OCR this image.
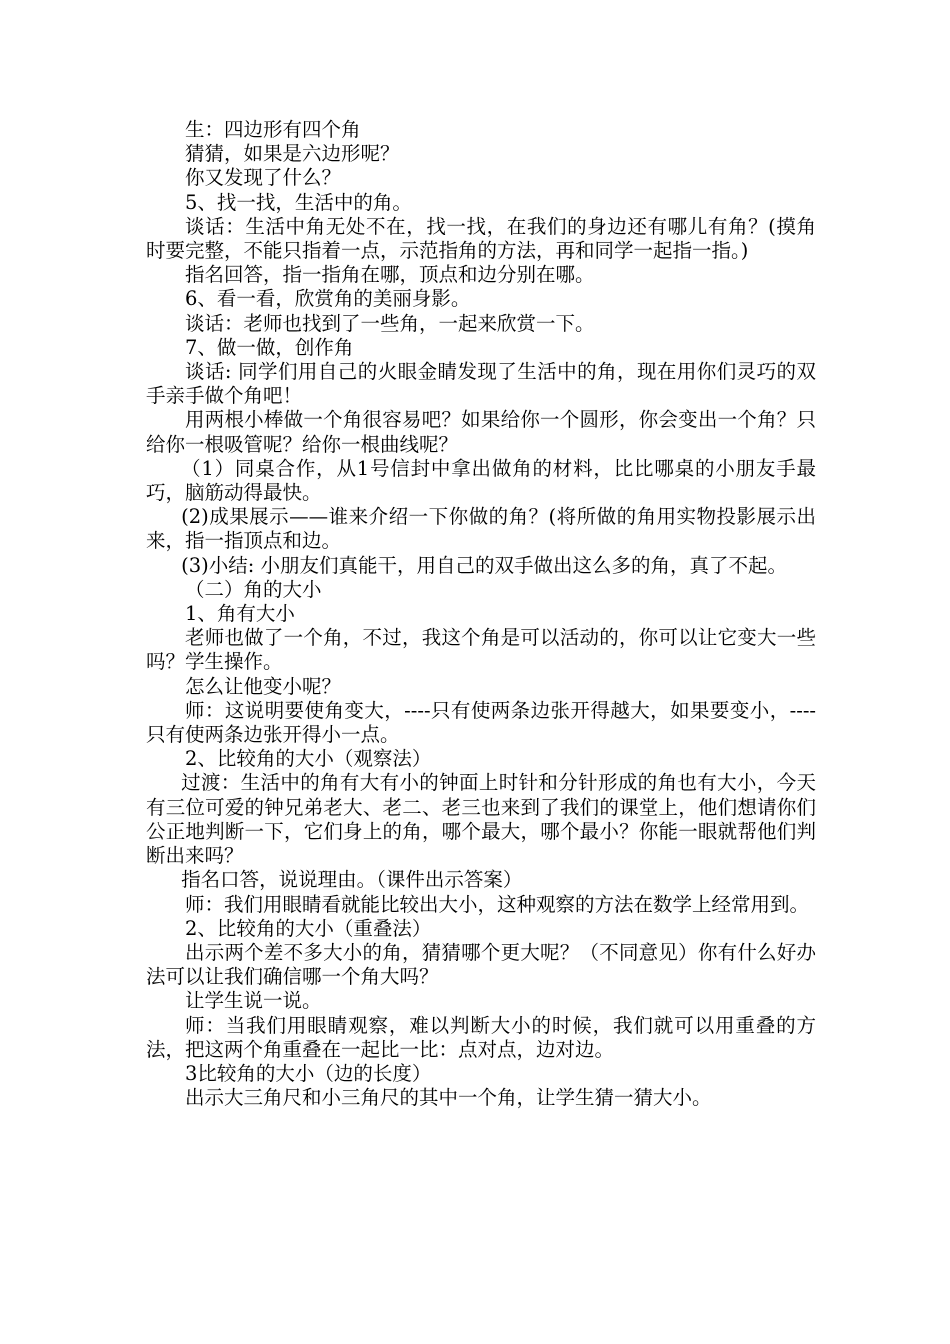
生：四边形有四个角

猜猜，如果是六边形呢？

你又发现了什么？

5、找一找，生活中的角。

谈话：生活中角无处不在，找一找，在我们的身边还有哪儿有角？(摸角时要完整，不能只指着一点，示范指角的方法，再和同学一起指一指。)

指名回答，指一指角在哪，顶点和边分别在哪。

6、看一看，欣赏角的美丽身影。

谈话：老师也找到了一些角，一起来欣赏一下。

7、做一做，创作角

谈话: 同学们用自己的火眼金睛发现了生活中的角，现在用你们灵巧的双手亲手做个角吧！

用两根小棒做一个角很容易吧？如果给你一个圆形，你会变出一个角？只给你一根吸管呢？给你一根曲线呢？

（1）同桌合作，从1号信封中拿出做角的材料，比比哪桌的小朋友手最巧，脑筋动得最快。

(2)成果展示——谁来介绍一下你做的角？(将所做的角用实物投影展示出来，指一指顶点和边。

(3)小结: 小朋友们真能干，用自己的双手做出这么多的角，真了不起。

（二）角的大小

1、角有大小

老师也做了一个角，不过，我这个角是可以活动的，你可以让它变大一些吗？学生操作。

怎么让他变小呢？

师：这说明要使角变大，----只有使两条边张开得越大，如果要变小，----只有使两条边张开得小一点。

2、比较角的大小（观察法）

过渡：生活中的角有大有小的钟面上时针和分针形成的角也有大小，今天有三位可爱的钟兄弟老大、老二、老三也来到了我们的课堂上，他们想请你们公正地判断一下，它们身上的角，哪个最大，哪个最小？你能一眼就帮他们判断出来吗？

指名口答，说说理由。（课件出示答案）

师：我们用眼睛看就能比较出大小，这种观察的方法在数学上经常用到。

2、比较角的大小（重叠法）

出示两个差不多大小的角，猜猜哪个更大呢？（不同意见）你有什么好办法可以让我们确信哪一个角大吗？

让学生说一说。

师：当我们用眼睛观察，难以判断大小的时候，我们就可以用重叠的方法，把这两个角重叠在一起比一比：点对点，边对边。

3比较角的大小（边的长度）

出示大三角尺和小三角尺的其中一个角，让学生猜一猜大小。
